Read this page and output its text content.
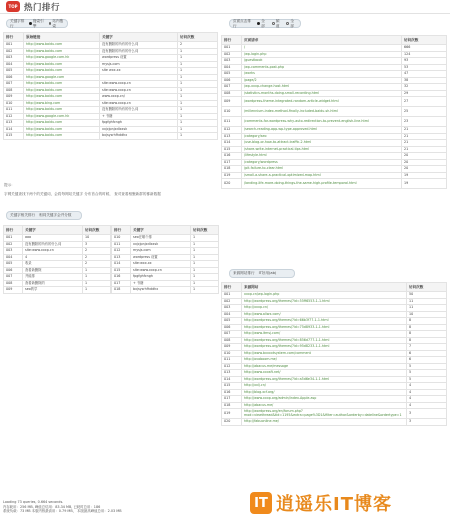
TOP 热门排行
关键字排行
搜索引擎
站内搜索
排行	原始链接	关键字	访问次数
001	http://www.baidu.com	没有删除的所有的什么词	2
002	http://www.baidu.com	没有删除的所有的什么词	1
003	http://www.google.com.hk	wordpress 设置	1
004	http://www.baidu.com	mysjs.com	1
005	http://www.baidu.com	site wxx.xx	1
006	http://www.google.com		1
007	http://www.baidu.com	site:www.xxxp.cn	1
008	http://www.baidu.com	site:www.xxxp.cn	1
009	http://www.baidu.com	www.xxxp.cn/	1
010	http://www.bing.com	site:www.xxxp.cn	1
011	http://www.baidu.com	没有删除的所有的什么词	1
012	http://www.google.com.hk	+ 书籍	1
013	http://www.baidu.com	fpgfghfcngh	1
014	http://www.baidu.com	xxjcjpnjxdlxxsk	1
015	http://www.baidu.com	bxjsysrhfhddhx	1
页面点击排行
全部
频道
全部
排行	页面请求	访问次数
001	/	666
002	/wp-login.php	124
003	/guestbook	93
004	/wp-comments-post.php	53
005	/works	47
006	/page/2	38
007	/wp-xxxp-change-host.html	32
008	/statistics-months-doing-small-recording.html	29
009	/wordpress-theme-integrated-random-article-widget.html	27
010	/millennium-index-method-finally-included-baidu-sh.html	25
011	/comments-for-wordpress-why-auto-redirection-to-prevent-english-line.html	23
012	/search-reading-app-wp-type-approved.html	21
013	/category/seo	21
014	/use-blog-or-how-to-attract-traffic-2.html	21
015	/share-write-internet-practical-tips.html	21
016	/lifestyle.html	20
017	/category/wordpress	20
018	/pit-failure-to-clear.html	20
019	/small-a-share-a-practical-optimized-map.html	19
020	/landing-life-more-doing-things-the-same-high-profile-temporal.html	19
提示：
字网关键查找下两个的关键词，会将每网站关键字 分布首合的时候， 查对查看相聚新群的都新数据
关键字相关排行 相同关键字会并分数
排行	关键字	访问次数
001	aaa	10
002	没有删除的所有的什么词	3
003	site:www.xxxp.cn	2
004	4	2
005	收录	2
006	查看新删除	1
007	并能排	1
008	查看新删除的	1
009	seo的学	1
排行	关键字	访问次数
010	seo在哪个排	1
011	xxjcjpnjxdlxxsk	1
012	mysjs.com	1
013	wordpress 设置	1
014	site:wxx.xx	1
015	site:www.xxxp.cn	1
016	fpgfghfcngh	1
017	+ 书籍	1
018	bxjsysrhfhddhx	1
来源网站排行 IT好用(ab)
排行	来源网站	访问次数
001	xxxp.cn/wp-login.php	50
002	http://wordpress.org/themes/?id=55ff6553-1-1.html	11
003	http://xxxp.cn/	11
004	http://www.aliwx.com/	10
005	http://wordpress.org/themes/?id=66b3f77-1-1.html	8
006	http://wordpress.org/themes/?id=75d8933-1-1.html	8
007	http://www.itmsj.com/	8
008	http://wordpress.org/themes/?id=856d777-1-1.html	8
009	http://wordpress.org/themes/?id=95d8233-1-1.html	7
010	http://www.bxxxxtsystem.com/comment	6
011	http://ovoboom.me/	6
012	http://abacus.me/message	5
013	http://www.xxxsft.net/	5
014	http://wordpress.org/themes/?id=a5d6e34-1-1.html	5
015	http://xxlj.cn/	4
016	http://blog.xcf.org/	4
017	http://www.xxxp.org/admin/index-Apple.asp	4
018	http://abacus.me/	4
019	http://wordpress.org/en/forum.php?mod=viewthread&tid=1195&extra=page%3D1&filter=author&orderby=dateline&ordertype=1	3
020	http://fabuonline.me/	3
Loading 73 queries, 0.664 seconds.
内存耗用：256 MB, 峰值总结用：83.34 MB, 已耗时总用：186
系统负载：73 MB 本版内核最高用：0.79 MB， 本版最高峰值总用：2.03 MB
IT 逍遥乐IT博客
